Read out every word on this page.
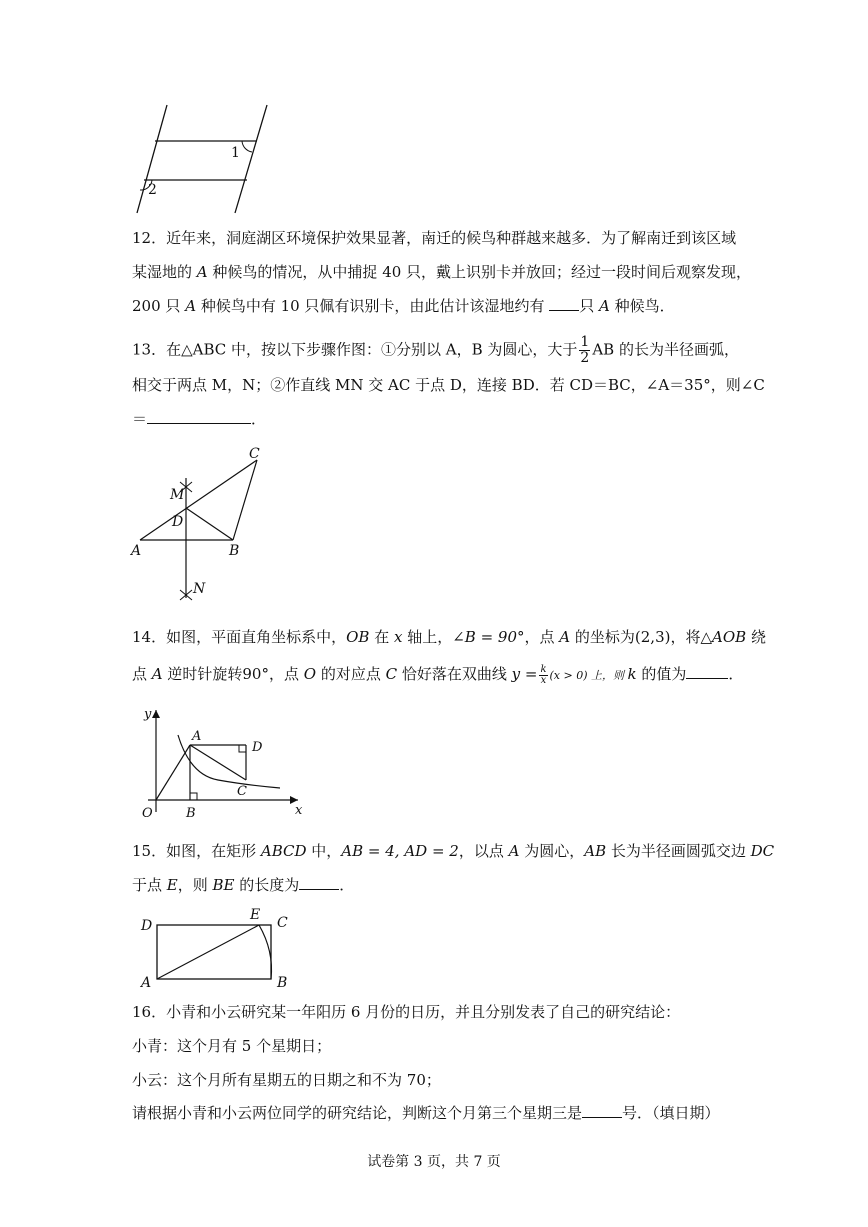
1
2
12．近年来，洞庭湖区环境保护效果显著，南迁的候鸟种群越来越多．为了解南迁到该区域
某湿地的 A 种候鸟的情况，从中捕捉 40 只，戴上识别卡并放回；经过一段时间后观察发现，
200 只 A 种候鸟中有 10 只佩有识别卡，由此估计该湿地约有 只 A 种候鸟．
13．在△ABC 中，按以下步骤作图：①分别以 A，B 为圆心，大于 $\frac{1}{2}$ AB 的长为半径画弧，
相交于两点 M，N；②作直线 MN 交 AC 于点 D，连接 BD．若 CD＝BC，∠A＝35°，则∠C
＝	．
C
M
D
A	B
N
14．如图，平面直角坐标系中，OB 在 x 轴上，∠B = 90°，点 A 的坐标为(2,3)，将△AOB 绕
点 A 逆时针旋转90°，点 O 的对应点 C 恰好落在双曲线 $y = \frac{k}{x} (x > 0)$ 上，则 k 的值为	．
y
x
A
D
C
O	B
15．如图，在矩形 ABCD 中，AB = 4, AD = 2，以点 A 为圆心，AB 长为半径画圆弧交边 DC
于点 E，则 BE 的长度为	．
D
E C
A	B
16．小青和小云研究某一年阳历 6 月份的日历，并且分别发表了自己的研究结论：
小青：这个月有 5 个星期日；
小云：这个月所有星期五的日期之和不为 70；
请根据小青和小云两位同学的研究结论，判断这个月第三个星期三是	号．（填日期）
试卷第 3 页，共 7 页
